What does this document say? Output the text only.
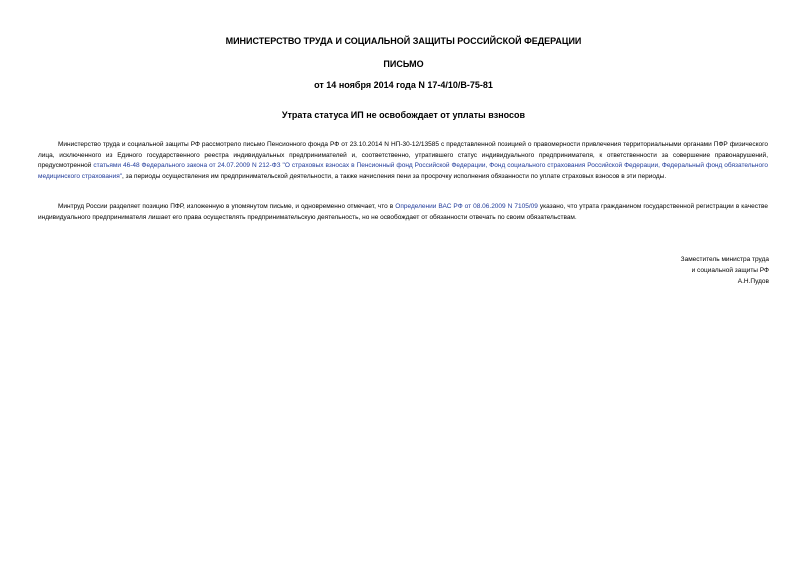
МИНИСТЕРСТВО ТРУДА И СОЦИАЛЬНОЙ ЗАЩИТЫ РОССИЙСКОЙ ФЕДЕРАЦИИ
ПИСЬМО
от 14 ноября 2014 года N 17-4/10/В-75-81
Утрата статуса ИП не освобождает от уплаты взносов

Министерство труда и социальной защиты РФ рассмотрело письмо Пенсионного фонда РФ от 23.10.2014 N НП-30-12/13585 с представленной позицией о правомерности привлечения территориальными органами ПФР физического лица, исключенного из Единого государственного реестра индивидуальных предпринимателей и, соответственно, утратившего статус индивидуального предпринимателя, к ответственности за совершение правонарушений, предусмотренной статьями 46-48 Федерального закона от 24.07.2009 N 212-ФЗ "О страховых взносах в Пенсионный фонд Российской Федерации, Фонд социального страхования Российской Федерации, Федеральный фонд обязательного медицинского страхования", за периоды осуществления им предпринимательской деятельности, а также начисления пени за просрочку исполнения обязанности по уплате страховых взносов в эти периоды.

Минтруд России разделяет позицию ПФР, изложенную в упомянутом письме, и одновременно отмечает, что в Определении ВАС РФ от 08.06.2009 N 7105/09 указано, что утрата гражданином государственной регистрации в качестве индивидуального предпринимателя лишает его права осуществлять предпринимательскую деятельность, но не освобождает от обязанности отвечать по своим обязательствам.

Заместитель министра труда
и социальной защиты РФ
А.Н.Пудов
